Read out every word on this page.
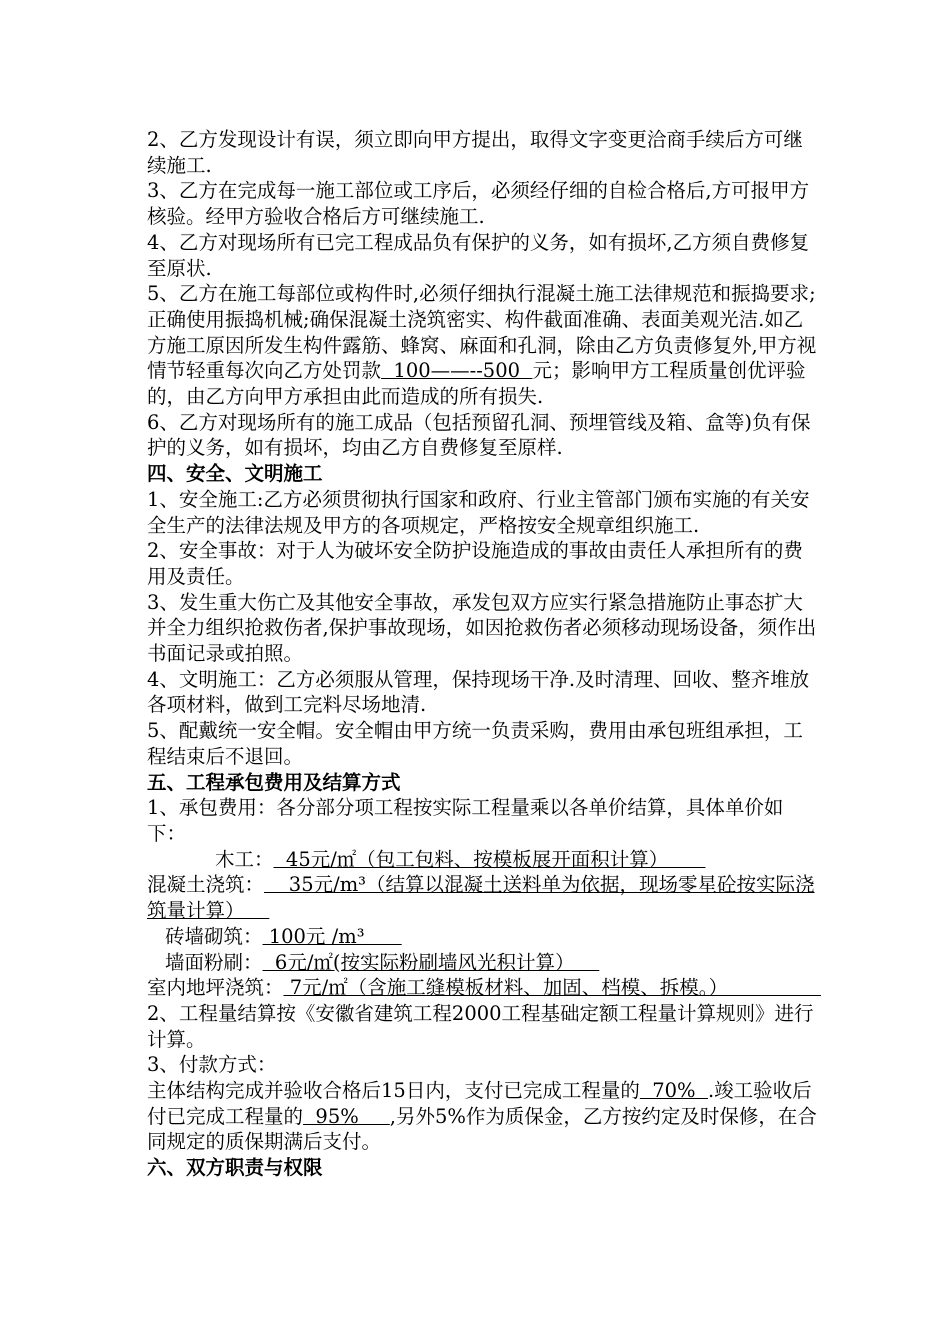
2、乙方发现设计有误，须立即向甲方提出，取得文字变更洽商手续后方可继续施工.

3、乙方在完成每一施工部位或工序后，必须经仔细的自检合格后,方可报甲方核验。经甲方验收合格后方可继续施工.

4、乙方对现场所有已完工程成品负有保护的义务，如有损坏,乙方须自费修复至原状.

5、乙方在施工每部位或构件时,必须仔细执行混凝土施工法律规范和振捣要求;正确使用振捣机械;确保混凝土浇筑密实、构件截面准确、表面美观光洁.如乙方施工原因所发生构件露筋、蜂窝、麻面和孔洞，除由乙方负责修复外,甲方视情节轻重每次向乙方处罚款  100——--500  元；影响甲方工程质量创优评验的，由乙方向甲方承担由此而造成的所有损失.

6、乙方对现场所有的施工成品（包括预留孔洞、预埋管线及箱、盒等)负有保护的义务，如有损坏，均由乙方自费修复至原样.

四、安全、文明施工

1、安全施工:乙方必须贯彻执行国家和政府、行业主管部门颁布实施的有关安全生产的法律法规及甲方的各项规定，严格按安全规章组织施工.

2、安全事故：对于人为破坏安全防护设施造成的事故由责任人承担所有的费用及责任。

3、发生重大伤亡及其他安全事故，承发包双方应实行紧急措施防止事态扩大并全力组织抢救伤者,保护事故现场，如因抢救伤者必须移动现场设备，须作出书面记录或拍照。

4、文明施工：乙方必须服从管理，保持现场干净.及时清理、回收、整齐堆放各项材料，做到工完料尽场地清.

5、配戴统一安全帽。安全帽由甲方统一负责采购，费用由承包班组承担，工程结束后不退回。

五、工程承包费用及结算方式

1、承包费用：各分部分项工程按实际工程量乘以各单价结算，具体单价如下：

木工：  45元/㎡（包工包料、按模板展开面积计算）

混凝土浇筑：    35元/m³（结算以混凝土送料单为依据，现场零星砼按实际浇筑量计算）

砖墙砌筑： 100元 /m³

墙面粉刷：  6元/㎡(按实际粉刷墙风光积计算）

室内地坪浇筑： 7元/㎡（含施工缝模板材料、加固、档模、拆模。）

2、工程量结算按《安徽省建筑工程2000工程基础定额工程量计算规则》进行计算。

3、付款方式：

主体结构完成并验收合格后15日内，支付已完成工程量的  70%  .竣工验收后付已完成工程量的  95%     ,另外5%作为质保金，乙方按约定及时保修，在合同规定的质保期满后支付。

六、双方职责与权限
